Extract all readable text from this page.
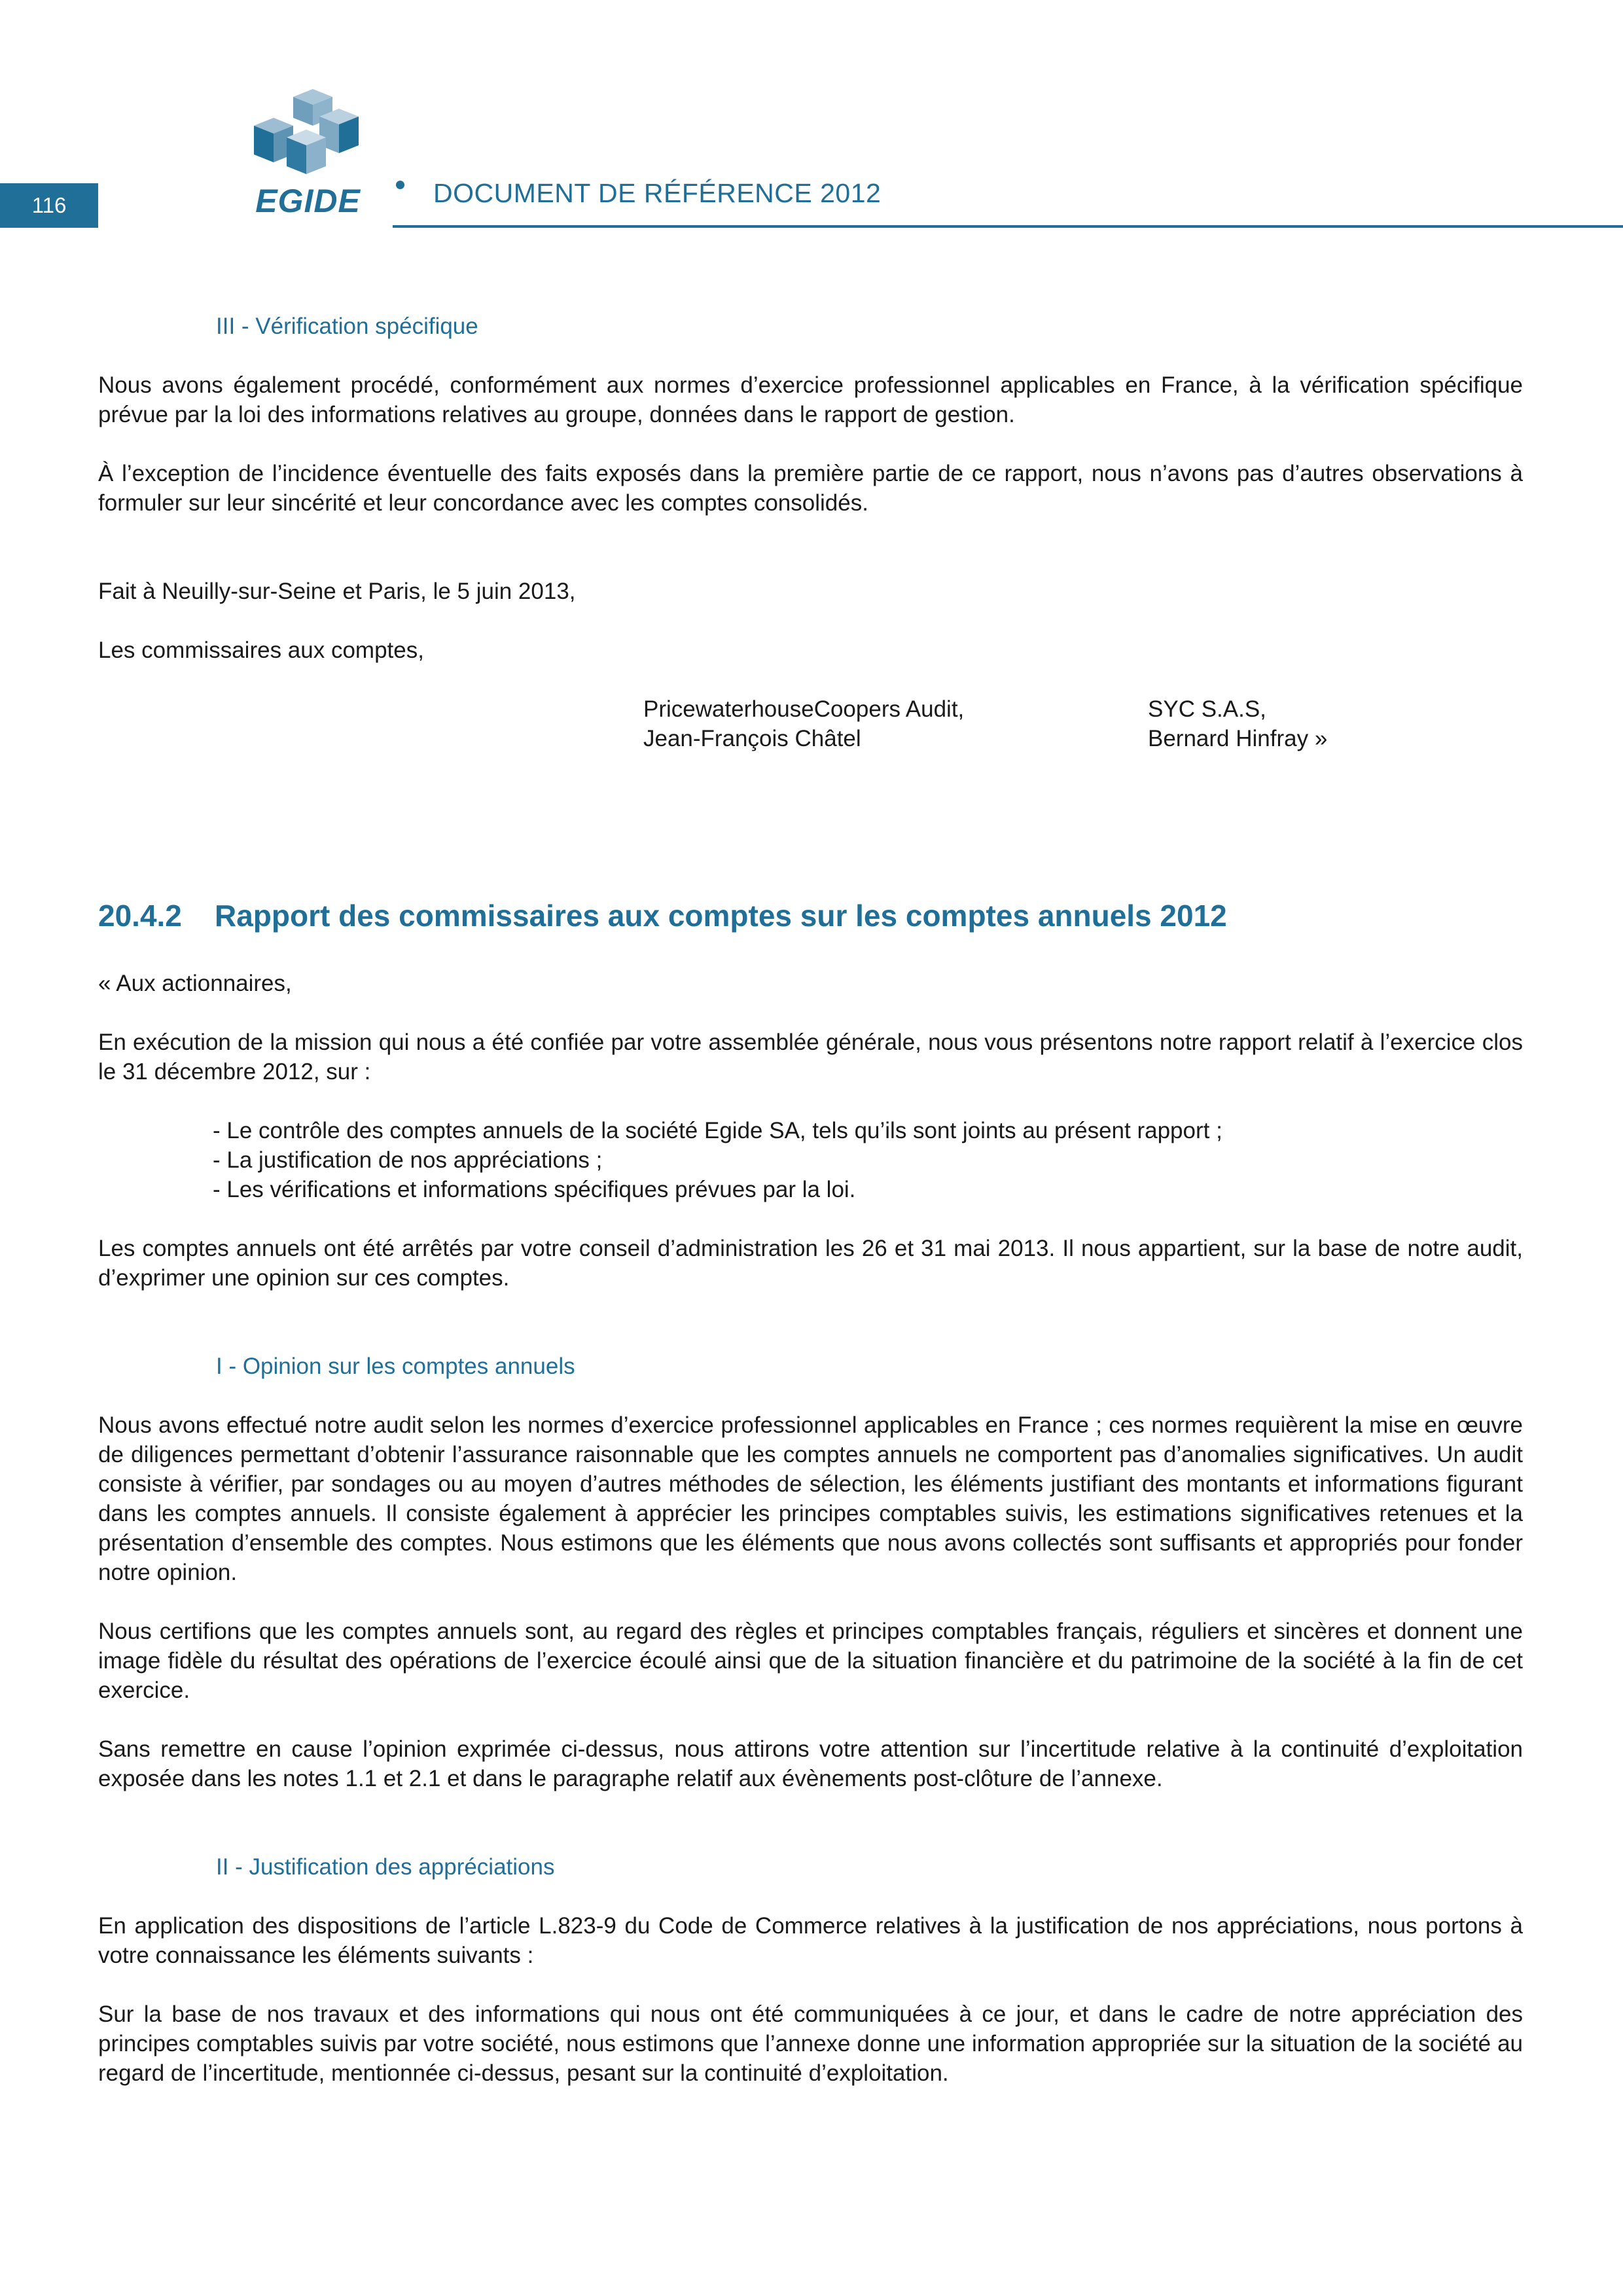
116	EGIDE	DOCUMENT DE RÉFÉRENCE 2012

III - Vérification spécifique

Nous avons également procédé, conformément aux normes d’exercice professionnel applicables en France, à la vérification spécifique prévue par la loi des informations relatives au groupe, données dans le rapport de gestion.

À l’exception de l’incidence éventuelle des faits exposés dans la première partie de ce rapport, nous n’avons pas d’autres observations à formuler sur leur sincérité et leur concordance avec les comptes consolidés.

Fait à Neuilly-sur-Seine et Paris, le 5 juin 2013,

Les commissaires aux comptes,

PricewaterhouseCoopers Audit,
Jean-François Châtel
SYC S.A.S,
Bernard Hinfray »
20.4.2 Rapport des commissaires aux comptes sur les comptes annuels 2012

« Aux actionnaires,

En exécution de la mission qui nous a été confiée par votre assemblée générale, nous vous présentons notre rapport relatif à l’exercice clos le 31 décembre 2012, sur :

- Le contrôle des comptes annuels de la société Egide SA, tels qu’ils sont joints au présent rapport ;
- La justification de nos appréciations ;
- Les vérifications et informations spécifiques prévues par la loi.

Les comptes annuels ont été arrêtés par votre conseil d’administration les 26 et 31 mai 2013. Il nous appartient, sur la base de notre audit, d’exprimer une opinion sur ces comptes.

I - Opinion sur les comptes annuels

Nous avons effectué notre audit selon les normes d’exercice professionnel applicables en France ; ces normes requièrent la mise en œuvre de diligences permettant d’obtenir l’assurance raisonnable que les comptes annuels ne comportent pas d’anomalies significatives. Un audit consiste à vérifier, par sondages ou au moyen d’autres méthodes de sélection, les éléments justifiant des montants et informations figurant dans les comptes annuels. Il consiste également à apprécier les principes comptables suivis, les estimations significatives retenues et la présentation d’ensemble des comptes. Nous estimons que les éléments que nous avons collectés sont suffisants et appropriés pour fonder notre opinion.

Nous certifions que les comptes annuels sont, au regard des règles et principes comptables français, réguliers et sincères et donnent une image fidèle du résultat des opérations de l’exercice écoulé ainsi que de la situation financière et du patrimoine de la société à la fin de cet exercice.

Sans remettre en cause l’opinion exprimée ci-dessus, nous attirons votre attention sur l’incertitude relative à la continuité d’exploitation exposée dans les notes 1.1 et 2.1 et dans le paragraphe relatif aux évènements post-clôture de l’annexe.

II - Justification des appréciations

En application des dispositions de l’article L.823-9 du Code de Commerce relatives à la justification de nos appréciations, nous portons à votre connaissance les éléments suivants :

Sur la base de nos travaux et des informations qui nous ont été communiquées à ce jour, et dans le cadre de notre appréciation des principes comptables suivis par votre société, nous estimons que l’annexe donne une information appropriée sur la situation de la société au regard de l’incertitude, mentionnée ci-dessus, pesant sur la continuité d’exploitation.
